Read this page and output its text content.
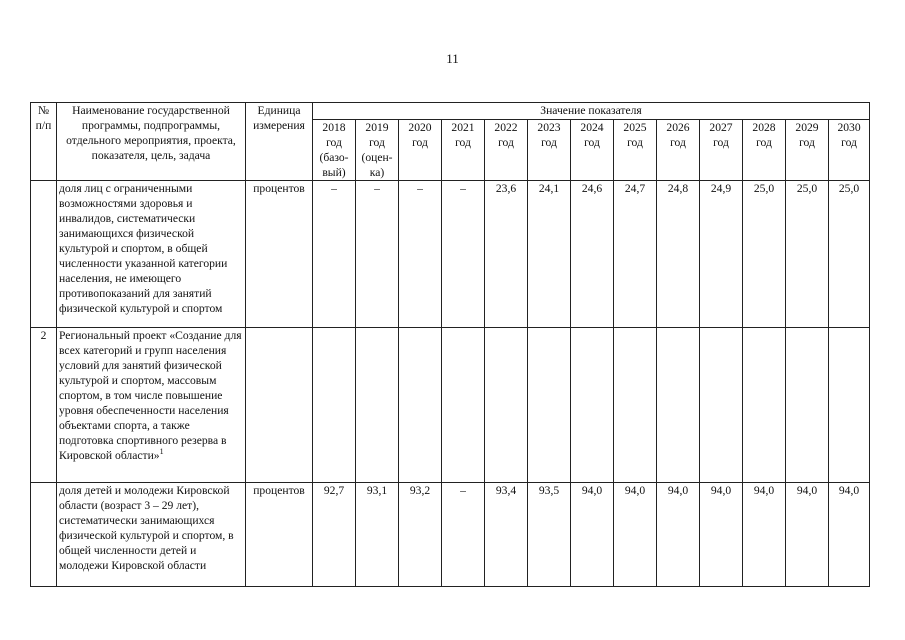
11
№ п/п	Наименование государственной программы, подпрограммы, отдельного мероприятия, проекта, показателя, цель, задача	Единица измерения	Значение показателя												

			2018
год
(базо-
вый)	2019
год
(оцен-
ка)	2020
год	2021
год	2022
год	2023
год	2024
год	2025
год	2026
год	2027
год	2028
год	2029
год	2030
год

	доля лиц с ограниченными возможностями здоровья и инвалидов, систематически занимающихся физической культурой и спортом, в общей численности указанной категории населения, не имеющего противопоказаний для занятий физической культурой и спортом	процентов	–	–	–	–	23,6	24,1	24,6	24,7	24,8	24,9	25,0	25,0	25,0
2	Региональный проект «Создание для всех категорий и групп населения условий для занятий физической культурой и спортом, массовым спортом, в том числе повышение уровня обеспеченности населения объектами спорта, а также подготовка спортивного резерва в Кировской области»$^1$														
	доля детей и молодежи Кировской области (возраст 3 – 29 лет), систематически занимающихся физической культурой и спортом, в общей численности детей и молодежи Кировской области	процентов	92,7	93,1	93,2	–	93,4	93,5	94,0	94,0	94,0	94,0	94,0	94,0	94,0
